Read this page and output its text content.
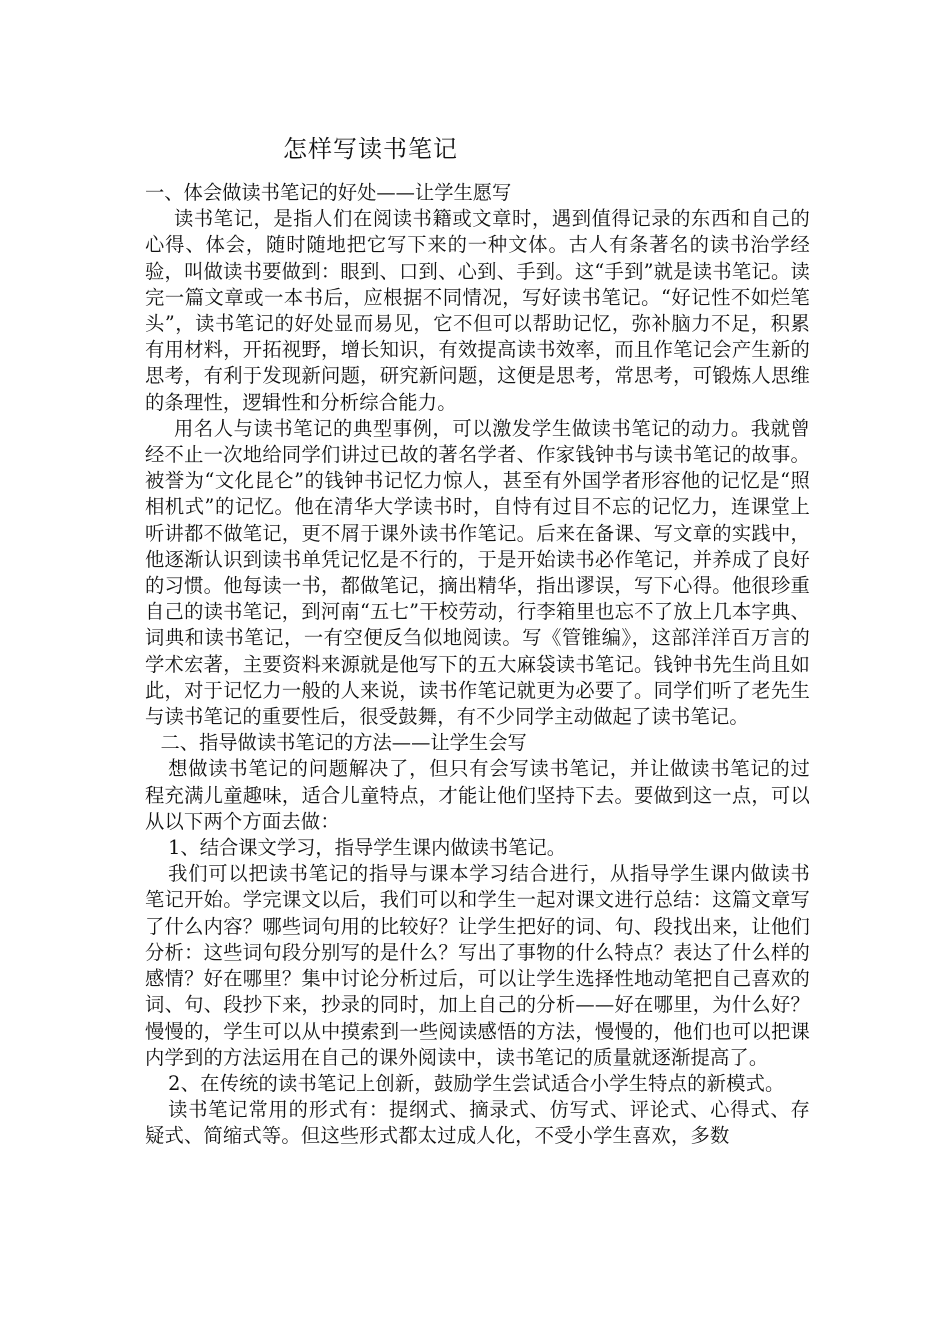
怎样写读书笔记

一、体会做读书笔记的好处——让学生愿写

读书笔记，是指人们在阅读书籍或文章时，遇到值得记录的东西和自己的心得、体会，随时随地把它写下来的一种文体。古人有条著名的读书治学经验，叫做读书要做到：眼到、口到、心到、手到。这“手到”就是读书笔记。读完一篇文章或一本书后，应根据不同情况，写好读书笔记。“好记性不如烂笔头”，读书笔记的好处显而易见，它不但可以帮助记忆，弥补脑力不足，积累有用材料，开拓视野，增长知识，有效提高读书效率，而且作笔记会产生新的思考，有利于发现新问题，研究新问题，这便是思考，常思考，可锻炼人思维的条理性，逻辑性和分析综合能力。

用名人与读书笔记的典型事例，可以激发学生做读书笔记的动力。我就曾经不止一次地给同学们讲过已故的著名学者、作家钱钟书与读书笔记的故事。被誉为“文化昆仑”的钱钟书记忆力惊人，甚至有外国学者形容他的记忆是“照相机式”的记忆。他在清华大学读书时，自恃有过目不忘的记忆力，连课堂上听讲都不做笔记，更不屑于课外读书作笔记。后来在备课、写文章的实践中，他逐渐认识到读书单凭记忆是不行的，于是开始读书必作笔记，并养成了良好的习惯。他每读一书，都做笔记，摘出精华，指出谬误，写下心得。他很珍重自己的读书笔记，到河南“五七”干校劳动，行李箱里也忘不了放上几本字典、词典和读书笔记，一有空便反刍似地阅读。写《管锥编》，这部洋洋百万言的学术宏著，主要资料来源就是他写下的五大麻袋读书笔记。钱钟书先生尚且如此，对于记忆力一般的人来说，读书作笔记就更为必要了。同学们听了老先生与读书笔记的重要性后，很受鼓舞，有不少同学主动做起了读书笔记。

二、指导做读书笔记的方法——让学生会写

想做读书笔记的问题解决了，但只有会写读书笔记，并让做读书笔记的过程充满儿童趣味，适合儿童特点，才能让他们坚持下去。要做到这一点，可以从以下两个方面去做：

1、结合课文学习，指导学生课内做读书笔记。

我们可以把读书笔记的指导与课本学习结合进行，从指导学生课内做读书笔记开始。学完课文以后，我们可以和学生一起对课文进行总结：这篇文章写了什么内容？哪些词句用的比较好？让学生把好的词、句、段找出来，让他们分析：这些词句段分别写的是什么？写出了事物的什么特点？表达了什么样的感情？好在哪里？集中讨论分析过后，可以让学生选择性地动笔把自己喜欢的词、句、段抄下来，抄录的同时，加上自己的分析——好在哪里，为什么好？慢慢的，学生可以从中摸索到一些阅读感悟的方法，慢慢的，他们也可以把课内学到的方法运用在自己的课外阅读中，读书笔记的质量就逐渐提高了。

2、在传统的读书笔记上创新，鼓励学生尝试适合小学生特点的新模式。

读书笔记常用的形式有：提纲式、摘录式、仿写式、评论式、心得式、存疑式、简缩式等。但这些形式都太过成人化，不受小学生喜欢，多数
